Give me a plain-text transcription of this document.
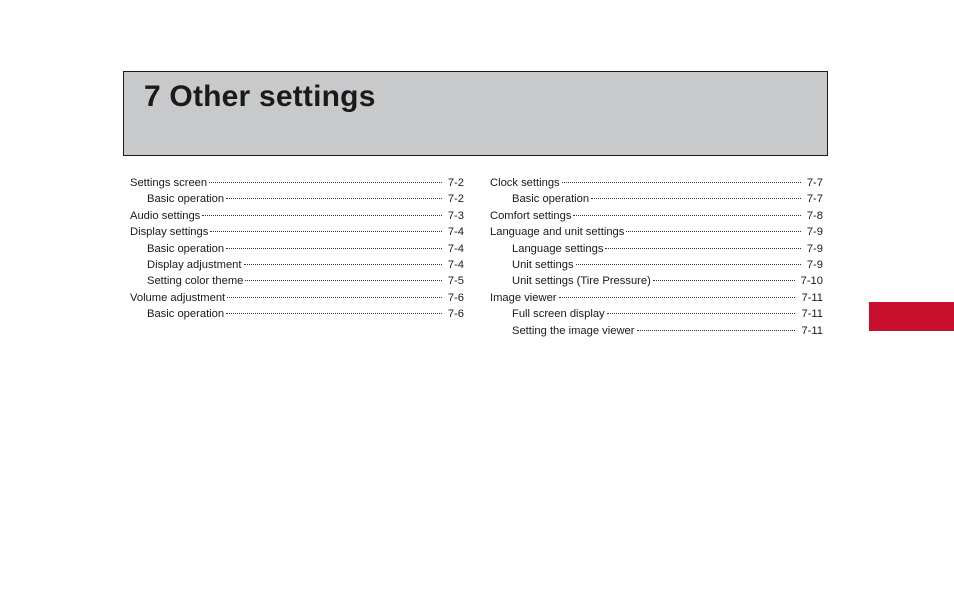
7 Other settings
Settings screen	7-2
Basic operation	7-2
Audio settings	7-3
Display settings	7-4
Basic operation	7-4
Display adjustment	7-4
Setting color theme	7-5
Volume adjustment	7-6
Basic operation	7-6
Clock settings	7-7
Basic operation	7-7
Comfort settings	7-8
Language and unit settings	7-9
Language settings	7-9
Unit settings	7-9
Unit settings (Tire Pressure)	7-10
Image viewer	7-11
Full screen display	7-11
Setting the image viewer	7-11
